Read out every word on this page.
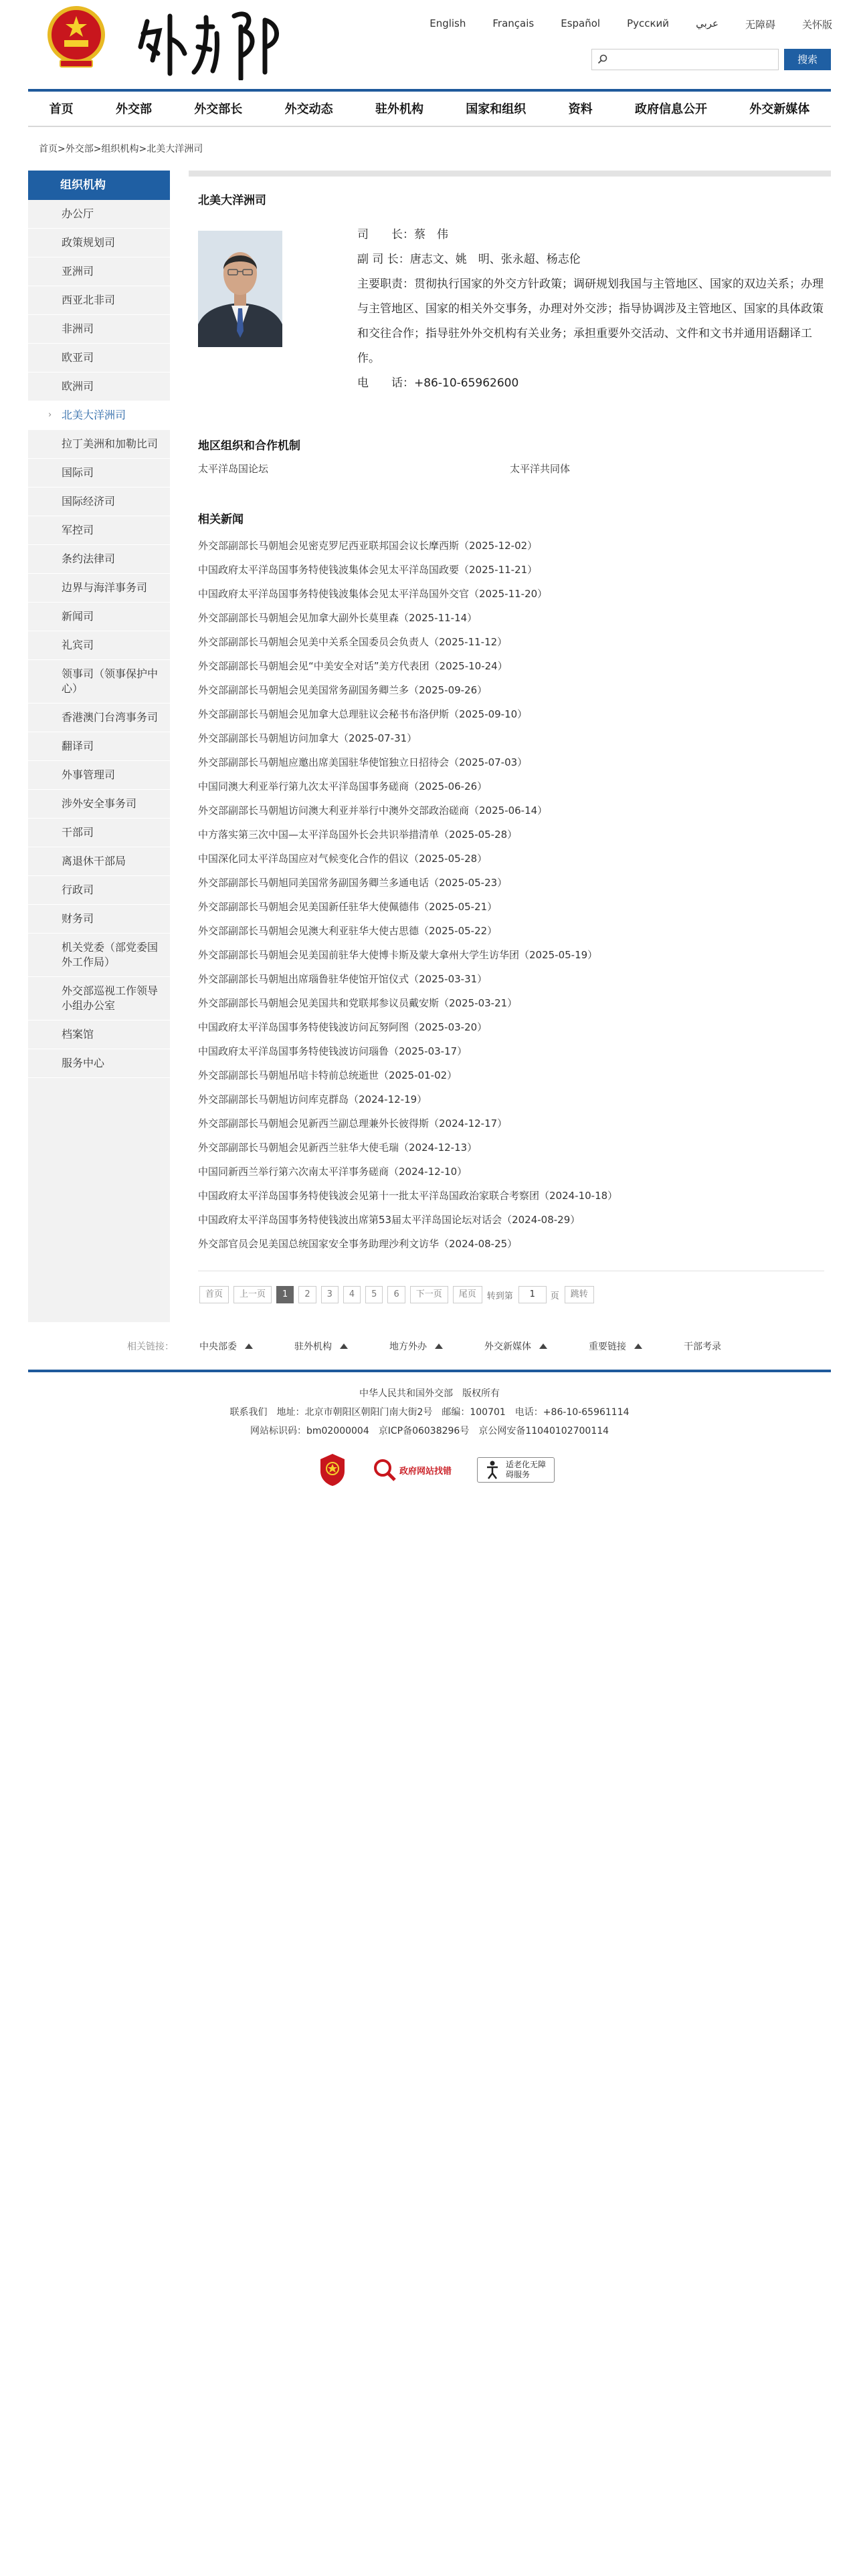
English	Français	Español	Русский	عربي	无障碍	关怀版
搜索
首页	外交部	外交部长	外交动态	驻外机构	国家和组织	资料	政府信息公开	外交新媒体
首页>外交部>组织机构>北美大洋洲司
组织机构
办公厅
政策规划司
亚洲司
西亚北非司
非洲司
欧亚司
欧洲司
› 北美大洋洲司
拉丁美洲和加勒比司
国际司
国际经济司
军控司
条约法律司
边界与海洋事务司
新闻司
礼宾司
领事司（领事保护中心）
香港澳门台湾事务司
翻译司
外事管理司
涉外安全事务司
干部司
离退休干部局
行政司
财务司
机关党委（部党委国外工作局）
外交部巡视工作领导小组办公室
档案馆
服务中心
北美大洋洲司
司　　长：蔡　伟
副 司 长：唐志文、姚　明、张永超、杨志伦
主要职责：贯彻执行国家的外交方针政策；调研规划我国与主管地区、国家的双边关系；办理与主管地区、国家的相关外交事务，办理对外交涉；指导协调涉及主管地区、国家的具体政策和交往合作；指导驻外外交机构有关业务；承担重要外交活动、文件和文书并通用语翻译工作。
电　　话：+86-10-65962600
地区组织和合作机制
太平洋岛国论坛	太平洋共同体
相关新闻
外交部副部长马朝旭会见密克罗尼西亚联邦国会议长摩西斯（2025-12-02）
中国政府太平洋岛国事务特使钱波集体会见太平洋岛国政要（2025-11-21）
中国政府太平洋岛国事务特使钱波集体会见太平洋岛国外交官（2025-11-20）
外交部副部长马朝旭会见加拿大副外长莫里森（2025-11-14）
外交部副部长马朝旭会见美中关系全国委员会负责人（2025-11-12）
外交部副部长马朝旭会见“中美安全对话”美方代表团（2025-10-24）
外交部副部长马朝旭会见美国常务副国务卿兰多（2025-09-26）
外交部副部长马朝旭会见加拿大总理驻议会秘书布洛伊斯（2025-09-10）
外交部副部长马朝旭访问加拿大（2025-07-31）
外交部副部长马朝旭应邀出席美国驻华使馆独立日招待会（2025-07-03）
中国同澳大利亚举行第九次太平洋岛国事务磋商（2025-06-26）
外交部副部长马朝旭访问澳大利亚并举行中澳外交部政治磋商（2025-06-14）
中方落实第三次中国—太平洋岛国外长会共识举措清单（2025-05-28）
中国深化同太平洋岛国应对气候变化合作的倡议（2025-05-28）
外交部副部长马朝旭同美国常务副国务卿兰多通电话（2025-05-23）
外交部副部长马朝旭会见美国新任驻华大使佩德伟（2025-05-21）
外交部副部长马朝旭会见澳大利亚驻华大使古思德（2025-05-22）
外交部副部长马朝旭会见美国前驻华大使博卡斯及蒙大拿州大学生访华团（2025-05-19）
外交部副部长马朝旭出席瑙鲁驻华使馆开馆仪式（2025-03-31）
外交部副部长马朝旭会见美国共和党联邦参议员戴安斯（2025-03-21）
中国政府太平洋岛国事务特使钱波访问瓦努阿图（2025-03-20）
中国政府太平洋岛国事务特使钱波访问瑙鲁（2025-03-17）
外交部副部长马朝旭吊唁卡特前总统逝世（2025-01-02）
外交部副部长马朝旭访问库克群岛（2024-12-19）
外交部副部长马朝旭会见新西兰副总理兼外长彼得斯（2024-12-17）
外交部副部长马朝旭会见新西兰驻华大使毛瑞（2024-12-13）
中国同新西兰举行第六次南太平洋事务磋商（2024-12-10）
中国政府太平洋岛国事务特使钱波会见第十一批太平洋岛国政治家联合考察团（2024-10-18）
中国政府太平洋岛国事务特使钱波出席第53届太平洋岛国论坛对话会（2024-08-29）
外交部官员会见美国总统国家安全事务助理沙利文访华（2024-08-25）
首页	上一页	1	2	3	4	5	6	下一页	尾页	转到第	1	页	跳转
相关链接：	中央部委	驻外机构	地方外办	外交新媒体	重要链接	干部考录
中华人民共和国外交部　版权所有
联系我们　地址：北京市朝阳区朝阳门南大街2号　邮编：100701　电话：+86-10-65961114
网站标识码：bm02000004　京ICP备06038296号　京公网安备11040102700114
政府网站找错
适老化无障碍服务
